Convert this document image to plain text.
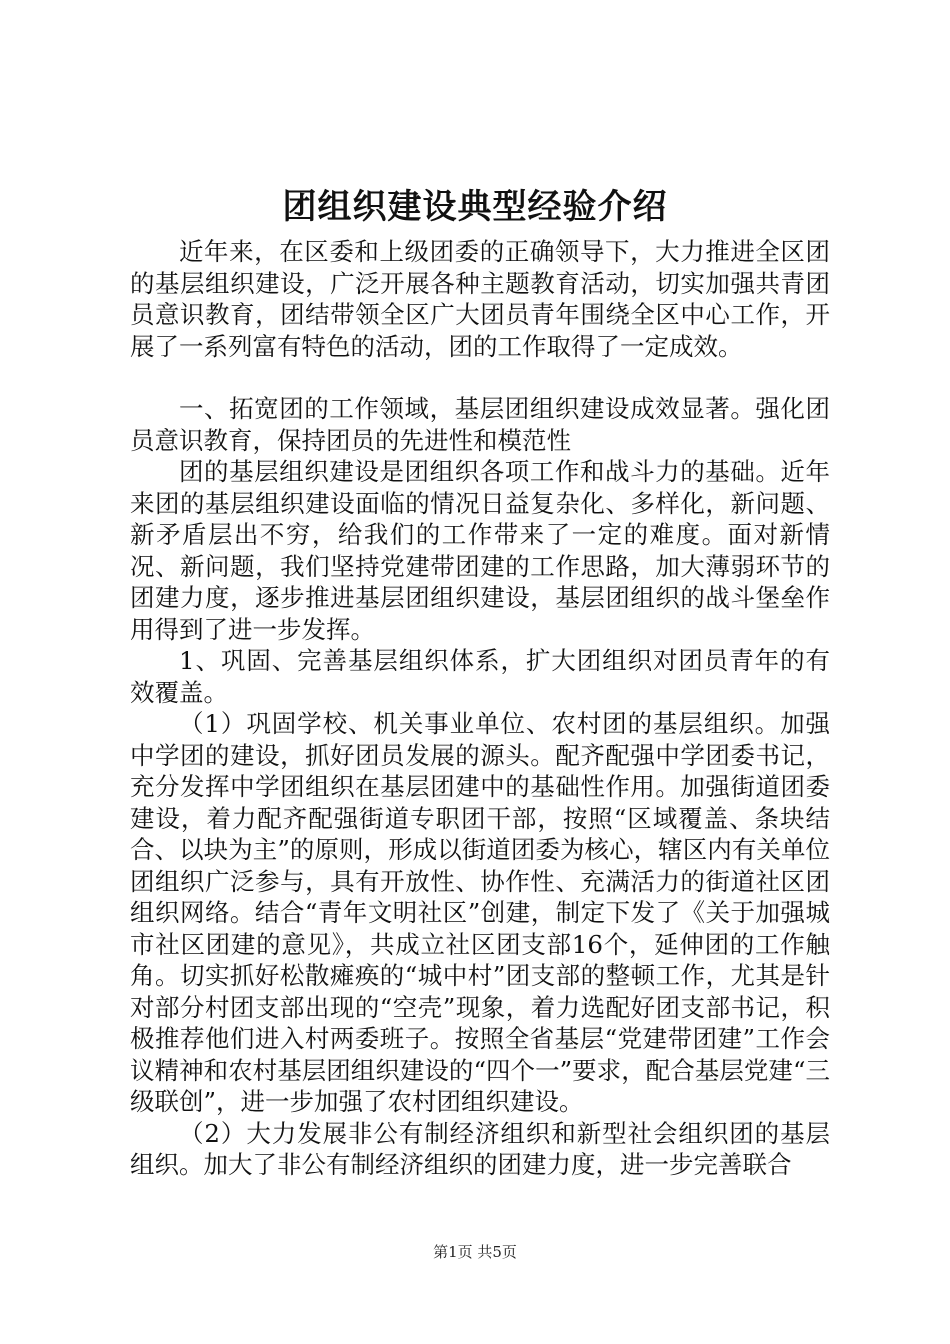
团组织建设典型经验介绍

近年来，在区委和上级团委的正确领导下，大力推进全区团的基层组织建设，广泛开展各种主题教育活动，切实加强共青团员意识教育，团结带领全区广大团员青年围绕全区中心工作，开展了一系列富有特色的活动，团的工作取得了一定成效。

一、拓宽团的工作领域，基层团组织建设成效显著。强化团员意识教育，保持团员的先进性和模范性

团的基层组织建设是团组织各项工作和战斗力的基础。近年来团的基层组织建设面临的情况日益复杂化、多样化，新问题、新矛盾层出不穷，给我们的工作带来了一定的难度。面对新情况、新问题，我们坚持党建带团建的工作思路，加大薄弱环节的团建力度，逐步推进基层团组织建设，基层团组织的战斗堡垒作用得到了进一步发挥。

1、巩固、完善基层组织体系，扩大团组织对团员青年的有效覆盖。

（1）巩固学校、机关事业单位、农村团的基层组织。加强中学团的建设，抓好团员发展的源头。配齐配强中学团委书记，充分发挥中学团组织在基层团建中的基础性作用。加强街道团委建设，着力配齐配强街道专职团干部，按照“区域覆盖、条块结合、以块为主”的原则，形成以街道团委为核心，辖区内有关单位团组织广泛参与，具有开放性、协作性、充满活力的街道社区团组织网络。结合“青年文明社区”创建，制定下发了《关于加强城市社区团建的意见》，共成立社区团支部16个，延伸团的工作触角。切实抓好松散瘫痪的“城中村”团支部的整顿工作，尤其是针对部分村团支部出现的“空壳”现象，着力选配好团支部书记，积极推荐他们进入村两委班子。按照全省基层“党建带团建”工作会议精神和农村基层团组织建设的“四个一”要求，配合基层党建“三级联创”，进一步加强了农村团组织建设。

（2）大力发展非公有制经济组织和新型社会组织团的基层组织。加大了非公有制经济组织的团建力度，进一步完善联合

第1页 共5页
